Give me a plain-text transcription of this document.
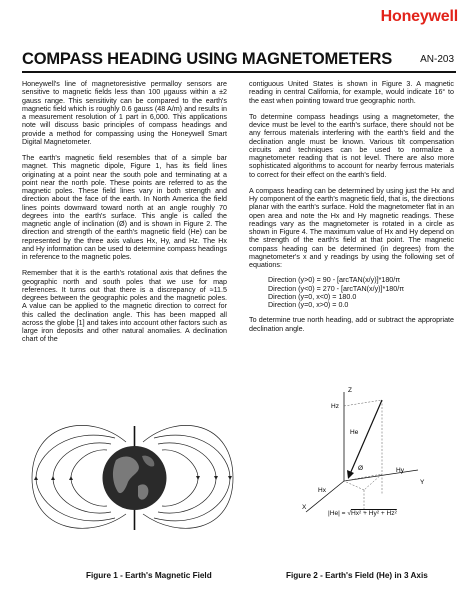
Honeywell
COMPASS HEADING USING MAGNETOMETERS	AN-203

Honeywell's line of magnetoresistive permalloy sensors are sensitive to magnetic fields less than 100 µgauss within a ±2 gauss range. This sensitivity can be compared to the earth's magnetic field which is roughly 0.6 gauss (48 A/m) and results in a measurement resolution of 1 part in 6,000. This applications note will discuss basic principles of compass headings and provide a method for compassing using the Honeywell Smart Digital Magnetometer.

The earth's magnetic field resembles that of a simple bar magnet. This magnetic dipole, Figure 1, has its field lines originating at a point near the south pole and terminating at a point near the north pole. These points are referred to as the magnetic poles. These field lines vary in both strength and direction about the face of the earth. In North America the field lines points downward toward north at an angle roughly 70 degrees into the earth's surface. This angle is called the magnetic angle of inclination (Ø) and is shown in Figure 2. The direction and strength of the earth's magnetic field (He) can be represented by the three axis values Hx, Hy, and Hz. The Hx and Hy information can be used to determine compass headings in reference to the magnetic poles.

Remember that it is the earth's rotational axis that defines the geographic north and south poles that we use for map references. It turns out that there is a discrepancy of ≈11.5 degrees between the geographic poles and the magnetic poles. A value can be applied to the magnetic direction to correct for this called the declination angle. This has been mapped all across the globe [1] and takes into account other factors such as large iron deposits and other natural anomalies. A declination chart of the

contiguous United States is shown in Figure 3. A magnetic reading in central California, for example, would indicate 16° to the east when pointing toward true geographic north.

To determine compass headings using a magnetometer, the device must be level to the earth's surface, there should not be any ferrous materials interfering with the earth's field and the declination angle must be known. Various tilt compensation circuits and techniques can be used to normalize a magnetometer reading that is not level. There are also more sophisticated algorithms to account for nearby ferrous materials to correct for their effect on the earth's field.

A compass heading can be determined by using just the Hx and Hy component of the earth's magnetic field, that is, the directions planar with the earth's surface. Hold the magnetometer flat in an open area and note the Hx and Hy magnetic readings. These readings vary as the magnetometer is rotated in a circle as shown in Figure 4. The maximum value of Hx and Hy depend on the strength of the earth's field at that point. The magnetic compass heading can be determined (in degrees) from the magnetometer's x and y readings by using the following set of equations:

Direction (y>0) = 90 - [arcTAN(x/y)]*180/π
Direction (y<0) = 270 - [arcTAN(x/y)]*180/π
Direction (y=0, x<0) = 180.0
Direction (y=0, x>0) = 0.0

To determine true north heading, add or subtract the appropriate declination angle.

Z
Hz
He
Ø	Hy
Y
Hx
X
|He| = √Hx² + Hy² + Hz²
Figure 1 - Earth's Magnetic Field	Figure 2 - Earth's Field (He) in 3 Axis
